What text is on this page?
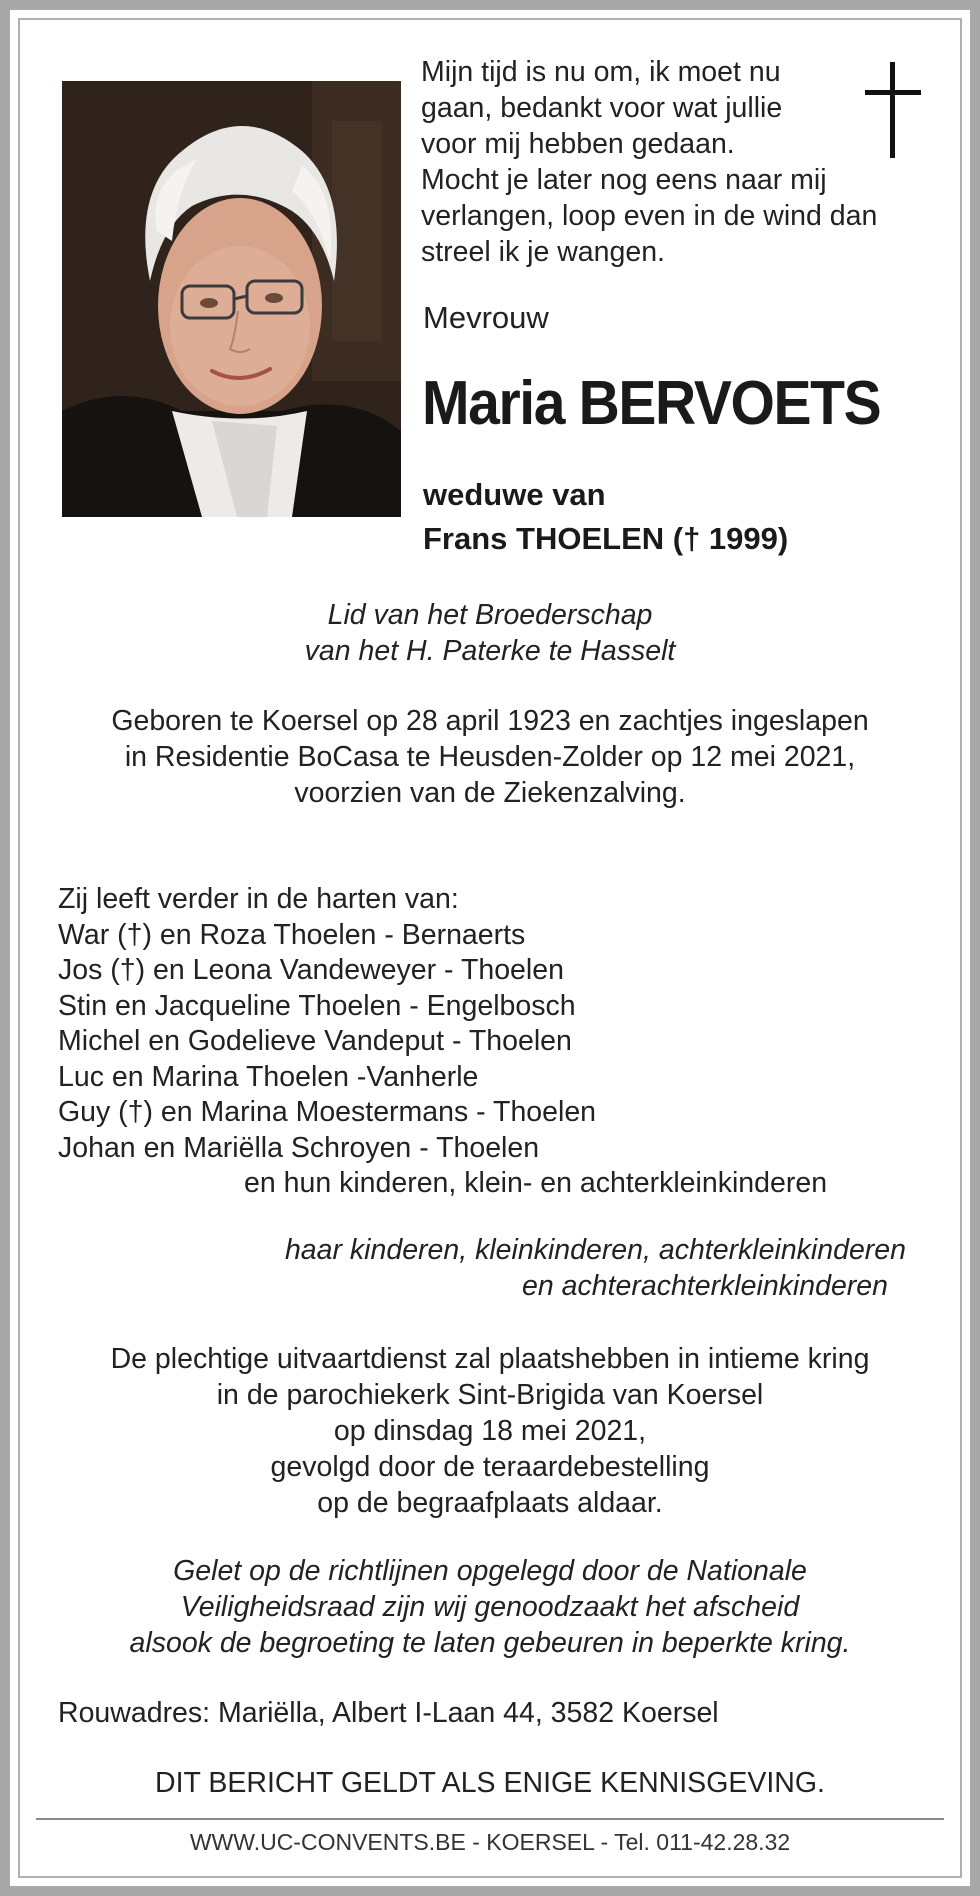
Mijn tijd is nu om, ik moet nu
gaan, bedankt voor wat jullie
voor mij hebben gedaan.
Mocht je later nog eens naar mij
verlangen, loop even in de wind dan
streel ik je wangen.
Mevrouw
Maria BERVOETS
weduwe van
Frans THOELEN († 1999)
Lid van het Broederschap
van het H. Paterke te Hasselt
Geboren te Koersel op 28 april 1923 en zachtjes ingeslapen
in Residentie BoCasa te Heusden-Zolder op 12 mei 2021,
voorzien van de Ziekenzalving.
Zij leeft verder in de harten van:
War (†) en Roza Thoelen - Bernaerts
Jos (†) en Leona Vandeweyer - Thoelen
Stin en Jacqueline Thoelen - Engelbosch
Michel en Godelieve Vandeput - Thoelen
Luc en Marina Thoelen -Vanherle
Guy (†) en Marina Moestermans - Thoelen
Johan en Mariëlla Schroyen - Thoelen
en hun kinderen, klein- en achterkleinkinderen
haar kinderen, kleinkinderen, achterkleinkinderen
en achterachterkleinkinderen
De plechtige uitvaartdienst zal plaatshebben in intieme kring
in de parochiekerk Sint-Brigida van Koersel
op dinsdag 18 mei 2021,
gevolgd door de teraardebestelling
op de begraafplaats aldaar.
Gelet op de richtlijnen opgelegd door de Nationale
Veiligheidsraad zijn wij genoodzaakt het afscheid
alsook de begroeting te laten gebeuren in beperkte kring.
Rouwadres: Mariëlla, Albert I-Laan 44, 3582 Koersel
DIT BERICHT GELDT ALS ENIGE KENNISGEVING.
WWW.UC-CONVENTS.BE - KOERSEL - Tel. 011-42.28.32
